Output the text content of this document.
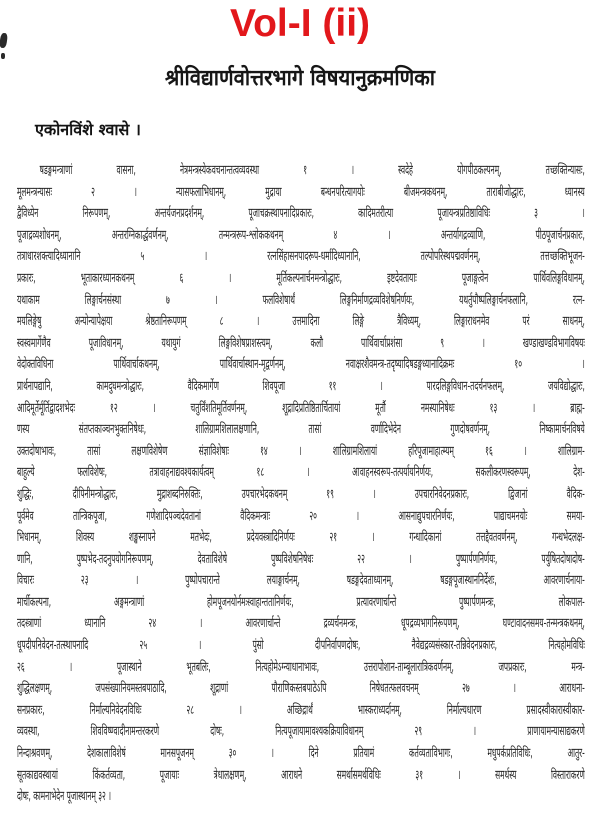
Vol-I (ii)
श्रीविद्यार्णवोत्तरभागे विषयानुक्रमणिका
एकोनविंशे श्वासे ।
षडङ्गमन्त्राणां वासना, नेत्रमन्त्रस्येकवचनान्तत्वव्यवस्था १ । स्वदेहे योगपीठकल्पनम्, तच्छक्तिन्यासः,
मूलमन्त्रन्यासः २ । न्यासफलाभिधानम्, मुद्राया बन्धनपरित्यागयोः बीजमन्त्रकथनम्, ताराबीजोद्धारः, ध्यानस्य
द्वैविध्येन निरूपणम्, अन्तर्यजनप्रदर्शनम्, पूजाचक्रस्थापनादिप्रकारः, कादिमतरीत्या पूजायन्त्रप्रतिष्ठाविधिः ३ ।
पूजाद्रव्यशोधनम्, अन्तरग्निकार्द्धवर्णनम्, तन्मन्त्ररूप-श्लोककथनम् ४ । अन्तर्यागद्रव्याणि, पीठपूजार्चनप्रकारः,
तत्राधारशक्त्यादिध्यानानि ५ । रत्नसिंहासनपादरूप-धर्मादिध्यानानि, तल्पोपरिस्थपद्मवर्णनम्, तत्तच्छक्तिभूजन-
प्रकारः, भूताकारध्यानकथनम् ६ । मूर्तिकल्पनार्चनमन्त्रोद्धारः, इष्टदेवतायाः पूजाङ्गत्वेन पार्थिवलिङ्गविधानम्,
यथाकाम लिङ्गार्चनसंस्था ७ । फलविशेषार्थं लिङ्गनिर्माणद्रव्यविशेषनिर्णयः, यथर्तुपौष्पलिङ्गार्चनफलानि, रत्न-
मयलिङ्गेषु अन्योन्यापेक्षया श्रेष्ठतानिरूपणम् ८ । उत्तमादिना लिङ्गे त्रैविध्यम्, लिङ्गाराधनमेव परं साधनम्,
स्वस्वमार्गेणैव पूजाविधानम्, यथायुगं लिङ्गविशेषप्राशस्त्यम्, कलौ पार्थिवार्चाप्रशंसा ९ । खण्डाखण्डविभागविषयः
वेदोक्तविधिना पार्थिवार्चाकथनम्, पार्थिवार्चास्थान-मृद्वर्णनम्, नवाक्षरशैवमन्त्र-तदृष्यादिषडङ्गध्यानादिक्रमः १० ।
प्रार्थनापद्यानि, कामदुघमन्त्रोद्धारः, वैदिकमार्गेण शिवपूजा ११ । पारदलिङ्गविधान-तदर्चनफलम्, जयविद्योद्धारः,
आदिमूर्तेर्मूर्तिद्वादशभेदः १२ । चतुर्विंशतिमूर्तिवर्णनम्, शूद्रादिप्रतिष्ठितार्चितायां मूर्तौ नमस्यानिषेधः १३ । ब्राह्म-
णस्य संतप्तकाञ्चनभुक्तनिषेधः, शालिग्रामशिलालक्षणानि, तासां वर्णादिभेदेन गुणदोषवर्णनम्, निष्कामार्चनविषये
उक्तदोषाभावः, तासां लक्षणविशेषेण संज्ञाविशेषाः १४ । शालिग्रामशिलायां हरिपूजामाहात्म्यम् १६ । शालिग्राम-
बाहुल्ये फलविशेषः, तत्रावाहनाद्यवश्यकार्यत्वम् १८ । आवाहनस्वरूप-तत्पर्यायनिर्णयः, सकलीकरणस्वरूपम्, देश-
शुद्धिः, दीपिनीमन्त्रोद्धारः, मुद्राशब्दनिरुक्तिः, उपचारभेदकथनम् १९ । उपचारनिवेदनप्रकारः, द्विजानां वैदिक-
पूर्वमेव तान्त्रिकपूजा, गणेशादिपञ्चदेवतानां वैदिकमन्त्राः २० । आसनाद्युपचारनिर्णयः, पाद्याचमनयोः समया-
भिधानम्, शिवस्य शङ्खस्नापने मतभेदः, प्रदेयवस्त्रादिनिर्णयः २१ । गन्धादिकानां तत्तद्दैवतवर्णनम्, गन्धभेदलक्ष-
णानि, पुष्पभेद-तदनुपयोगनिरूपणम्, देवताविशेषे पुष्पविशेषनिषेधः २२ । पुष्पार्पणनिर्णयः, पर्युषितदोषादोष-
विचारः २३ । पुष्पोपचारान्ते लयाङ्गार्चनम्, षडङ्गदेवताध्यानम्, षडङ्गपूजास्थाननिर्देशः, आवरणार्चनाया-
मार्चीकल्पना, अङ्गमन्त्राणां होमपूजनयोर्नमःस्वाहान्ततानिर्णयः, प्रत्यावरणार्चान्ते पुष्पार्पणमन्त्रः, लोकपाल-
तदस्त्राणां ध्यानानि २४ । आवरणार्चान्ते द्रव्यर्चनमन्त्रः, धूपद्रव्यभागनिरूपणम्, घण्टावादनसमय-तन्मन्त्रकथनम्,
धूपदीपनिवेदन-तत्स्थापनादि २५ । पुंसो दीपनिर्वापणदोषः, नैवेद्यद्रव्यसंस्कार-तन्निवेदनप्रकारः, नित्यहोमविधिः
२६ । पूजास्थाने भूतबलिः, नित्यहोमेऽग्न्याधानाभावः, उत्तरापोशान-ताम्बूलारात्रिकवर्णनम्, जपप्रकारः, मन्त्र-
शुद्धिलक्षणम्, जपसंख्यानियमस्तबपाठादि, शूद्राणां पौराणिकस्तबपाठेऽपि निषेधतत्फलवचनम् २७ । आराधना-
सनप्रकारः, निर्माल्यनिवेदनविधिः २८ । अच्छिद्रार्थं भास्कराध्यर्दानम्, निर्माल्यधारण प्रसादस्वीकारास्वीकार-
व्यवस्था, शिवविष्ण्वादीनामन्तरकरणे दोषः, नित्यपूजायामावश्यकक्रियाविधानम् २९ । प्राणायामन्यासाद्यकरणे
निन्दाश्रवणम्, देशकालाविशेषं मानसपूजनम् ३० । दिने प्रतियामं कर्तव्यताविभागः, मधुपर्कप्रतिविधिः, आतुर-
सूतकाद्यवस्थायां किंकर्तव्यता, पूजायाः त्रेधालक्षणम्, आराधने समर्थासमर्थविधिः ३१ । समर्थस्य विस्ताराकरणे
दोषः, कामनाभेदेन पूजास्थानम् ३२ ।
